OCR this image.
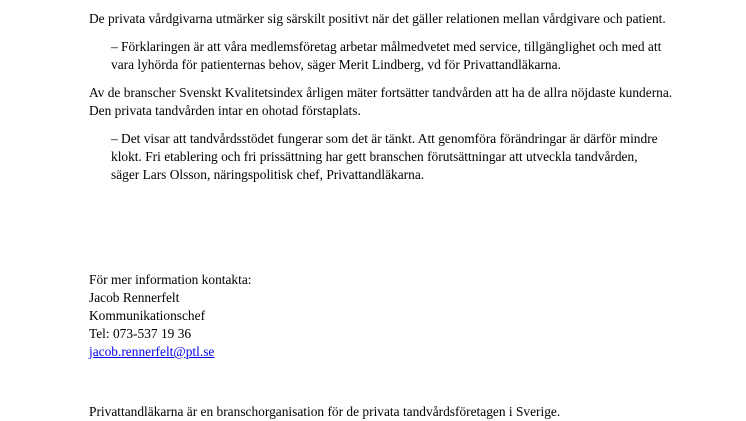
De privata vårdgivarna utmärker sig särskilt positivt när det gäller relationen mellan vårdgivare och patient.

– Förklaringen är att våra medlemsföretag arbetar målmedvetet med service, tillgänglighet och med att vara lyhörda för patienternas behov, säger Merit Lindberg, vd för Privattandläkarna.

Av de branscher Svenskt Kvalitetsindex årligen mäter fortsätter tandvården att ha de allra nöjdaste kunderna. Den privata tandvården intar en ohotad förstaplats.

– Det visar att tandvårdsstödet fungerar som det är tänkt. Att genomföra förändringar är därför mindre klokt. Fri etablering och fri prissättning har gett branschen förutsättningar att utveckla tandvården, säger Lars Olsson, näringspolitisk chef, Privattandläkarna.

För mer information kontakta:
Jacob Rennerfelt
Kommunikationschef
Tel: 073-537 19 36
jacob.rennerfelt@ptl.se
Privattandläkarna är en branschorganisation för de privata tandvårdsföretagen i Sverige.
